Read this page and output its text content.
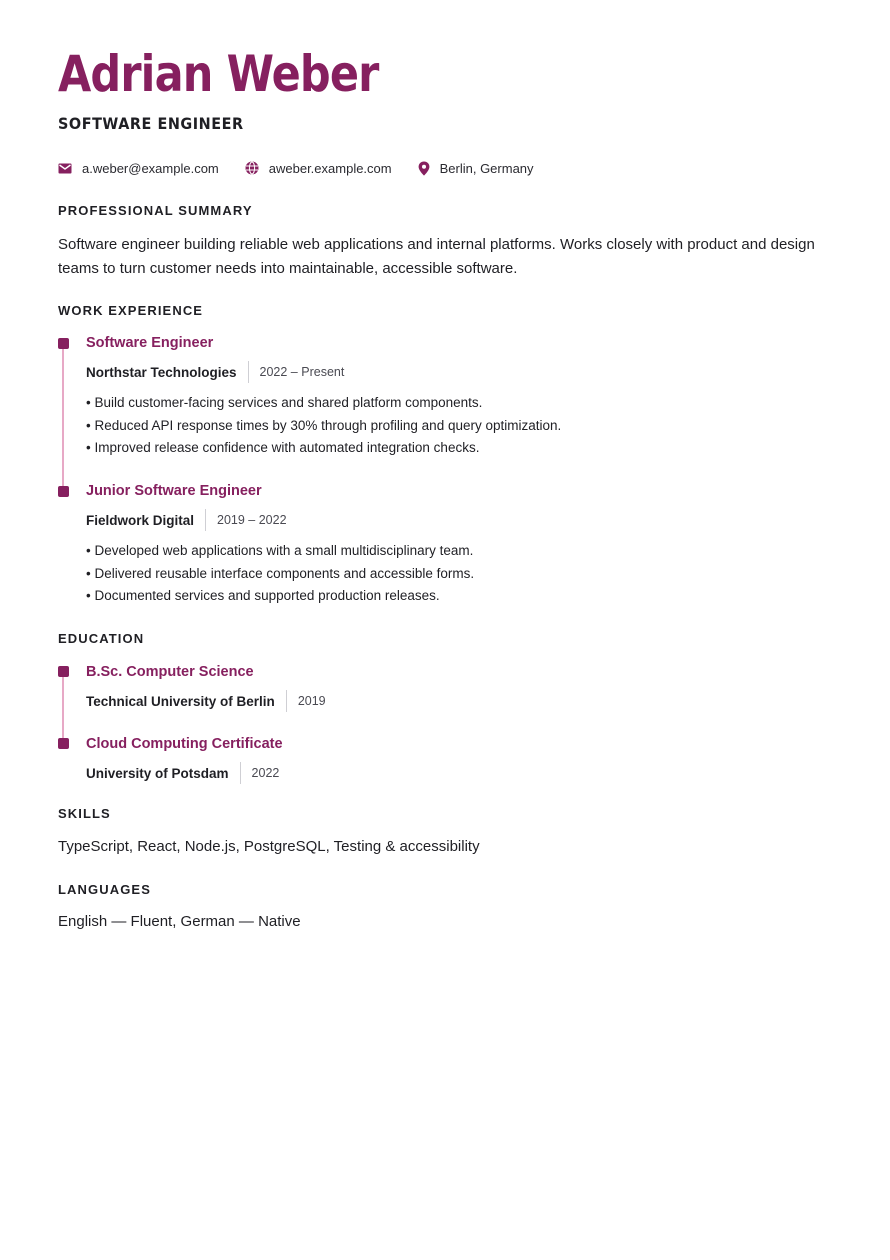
Adrian Weber
SOFTWARE ENGINEER
a.weber@example.com	aweber.example.com	Berlin, Germany
PROFESSIONAL SUMMARY

Software engineer building reliable web applications and internal platforms. Works closely with product and design teams to turn customer needs into maintainable, accessible software.

WORK EXPERIENCE
Software Engineer
Northstar Technologies 2022 – Present
• Build customer-facing services and shared platform components.
• Reduced API response times by 30% through profiling and query optimization.
• Improved release confidence with automated integration checks.
Junior Software Engineer
Fieldwork Digital 2019 – 2022
• Developed web applications with a small multidisciplinary team.
• Delivered reusable interface components and accessible forms.
• Documented services and supported production releases.
EDUCATION
B.Sc. Computer Science
Technical University of Berlin 2019
Cloud Computing Certificate
University of Potsdam 2022
SKILLS

TypeScript, React, Node.js, PostgreSQL, Testing & accessibility

LANGUAGES

English — Fluent, German — Native
